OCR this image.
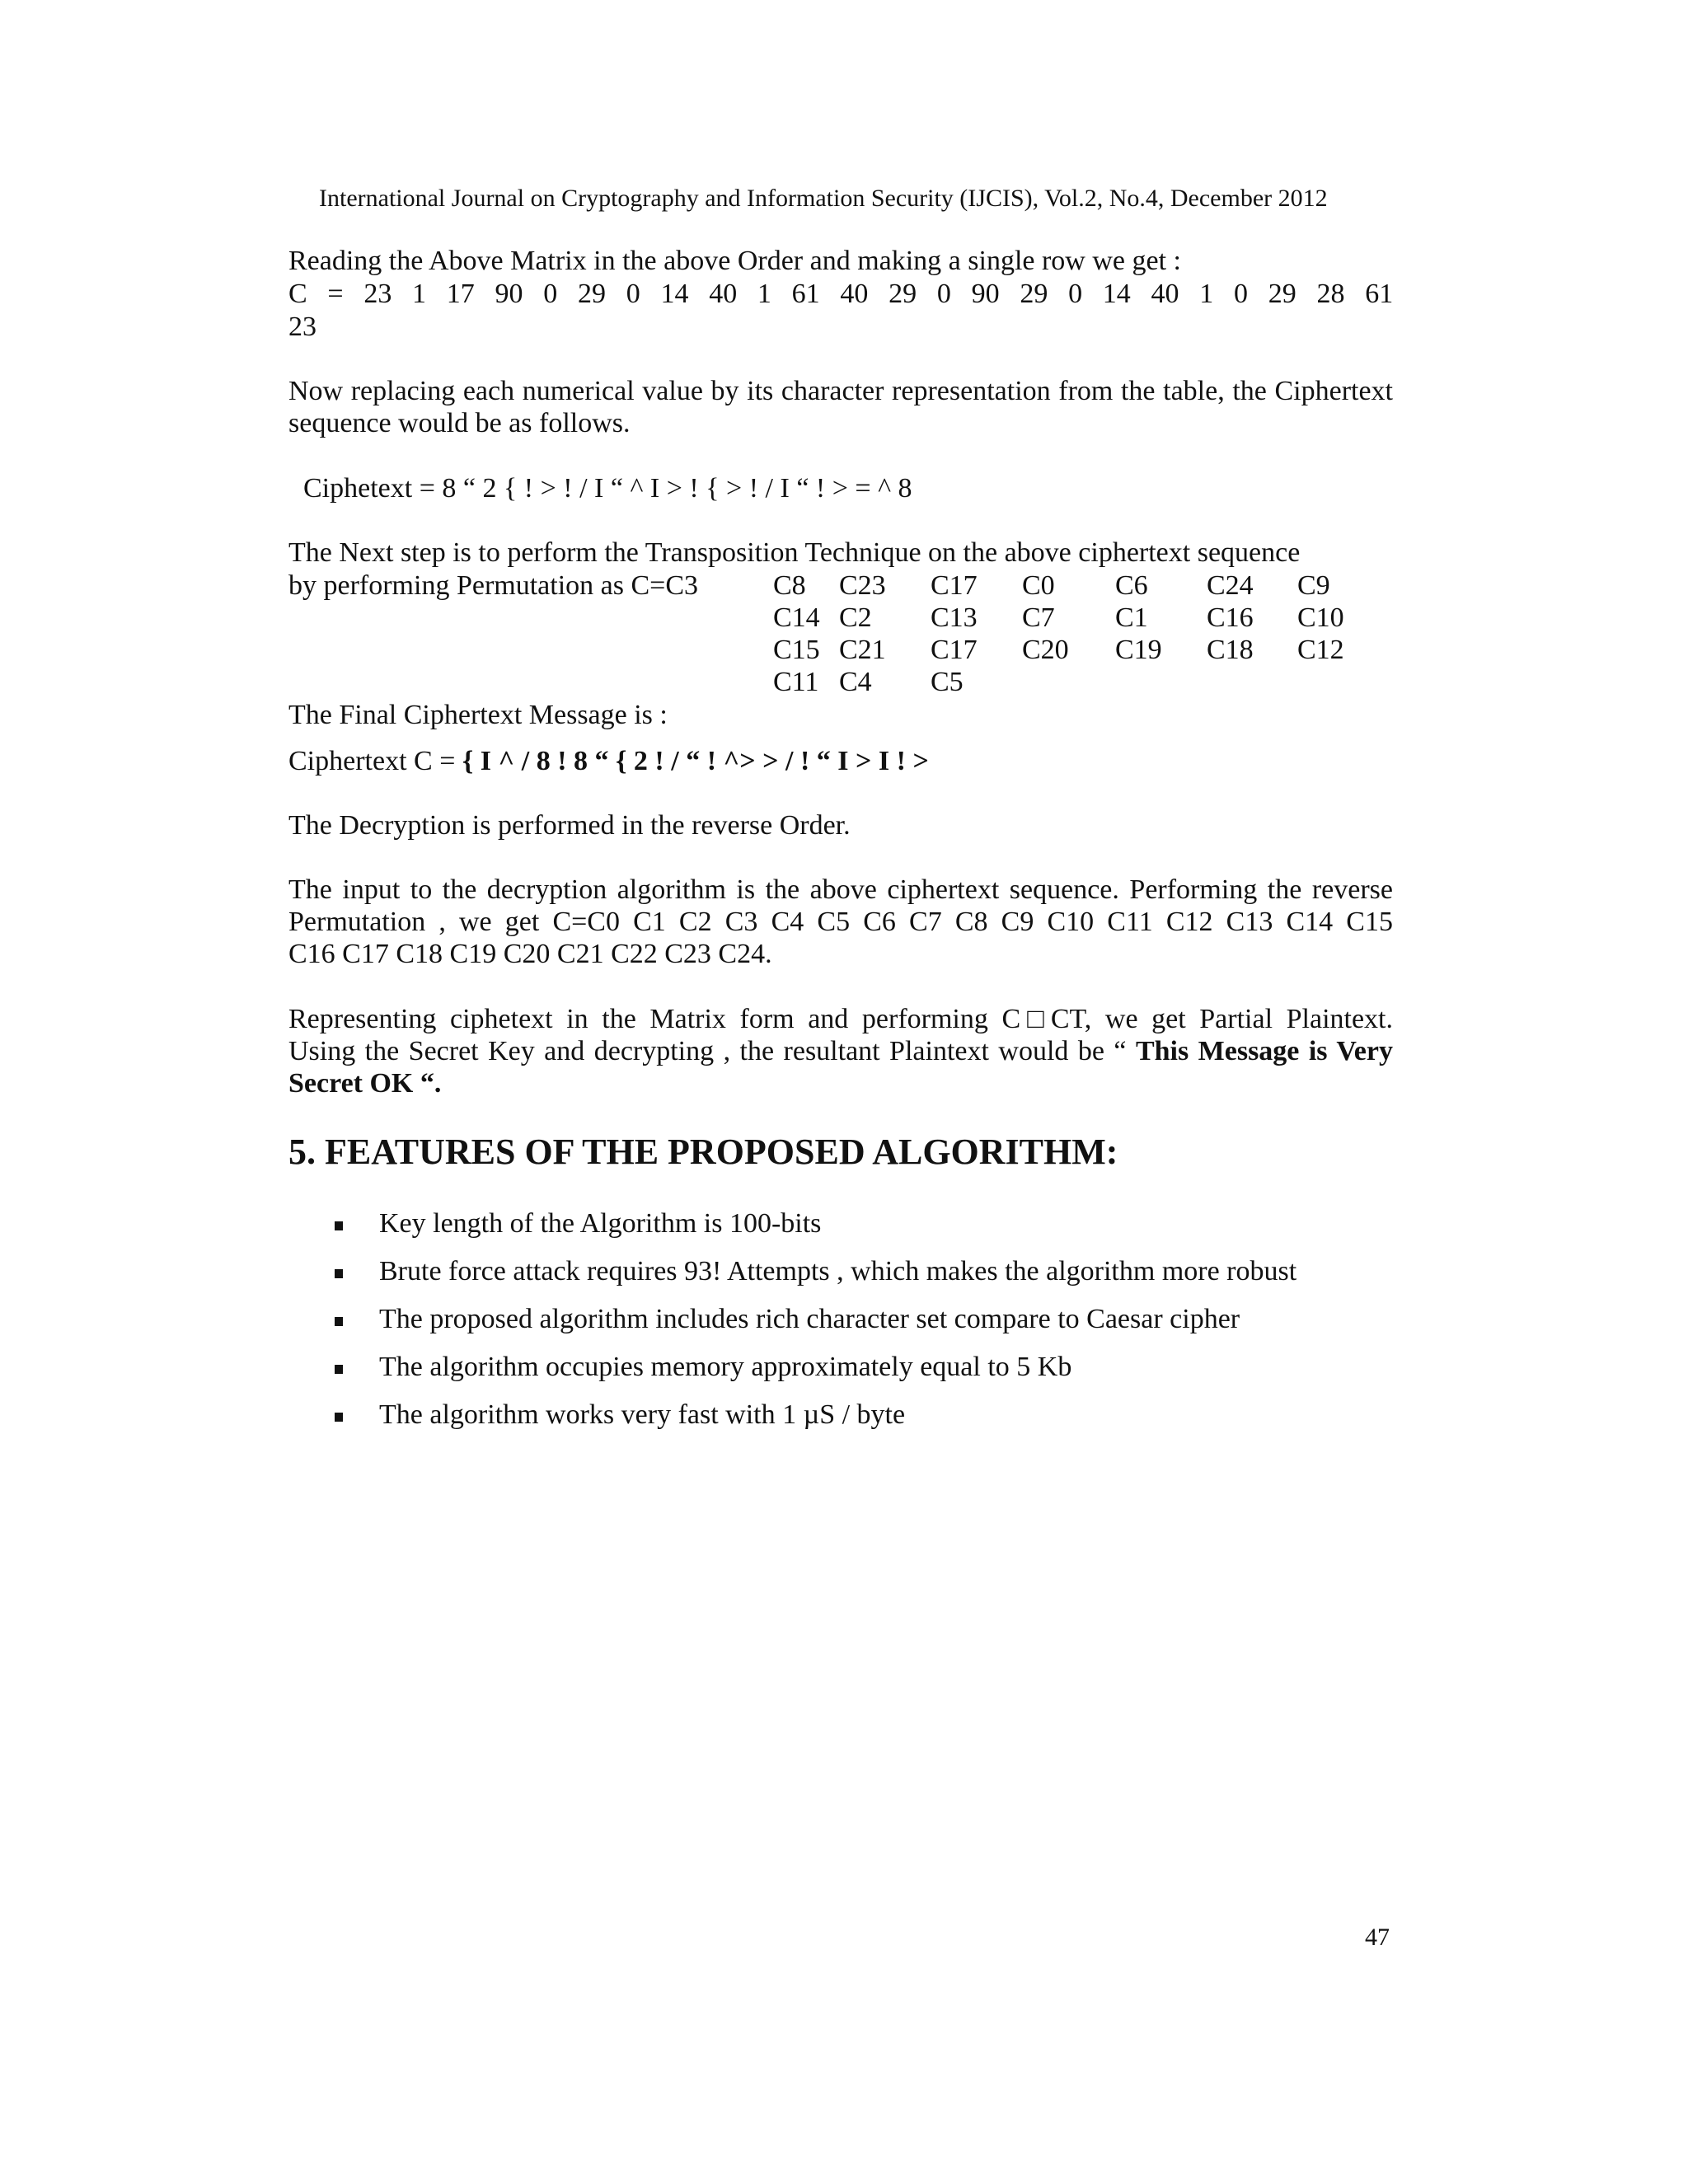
International Journal on Cryptography and Information Security (IJCIS), Vol.2, No.4, December 2012
Reading the Above Matrix in the above Order and making a single row we get :
C = 23 1 17 90 0 29 0 14 40 1 61 40 29 0 90 29 0 14 40 1 0 29 28 61
23
Now replacing each numerical value by its character representation from the table, the Ciphertext
sequence would be as follows.
Ciphetext = 8 “ 2 { ! > ! / I “ ^ I > ! { > ! / I “ ! > = ^ 8
The Next step is to perform the Transposition Technique on the above ciphertext sequence
by performing Permutation as C=C3	C8 C23 C17 C0 C6 C24 C9
C14 C2 C13 C7 C1 C16 C10
C15 C21 C17 C20 C19 C18 C12
C11 C4 C5
The Final Ciphertext Message is :
Ciphertext C = { I ^ / 8 ! 8 “ { 2 ! / “ ! ^> > / ! “ I > I ! >
The Decryption is performed in the reverse Order.
The input to the decryption algorithm is the above ciphertext sequence. Performing the reverse
Permutation , we get C=C0 C1 C2 C3 C4 C5 C6 C7 C8 C9 C10 C11 C12 C13 C14 C15
C16 C17 C18 C19 C20 C21 C22 C23 C24.
Representing ciphetext in the Matrix form and performing C□CT, we get Partial Plaintext.
Using the Secret Key and decrypting , the resultant Plaintext would be “ This Message is Very
Secret OK “.
5. FEATURES OF THE PROPOSED ALGORITHM:
Key length of the Algorithm is 100-bits
Brute force attack requires 93! Attempts , which makes the algorithm more robust
The proposed algorithm includes rich character set compare to Caesar cipher
The algorithm occupies memory approximately equal to 5 Kb
The algorithm works very fast with 1 µS / byte
47
